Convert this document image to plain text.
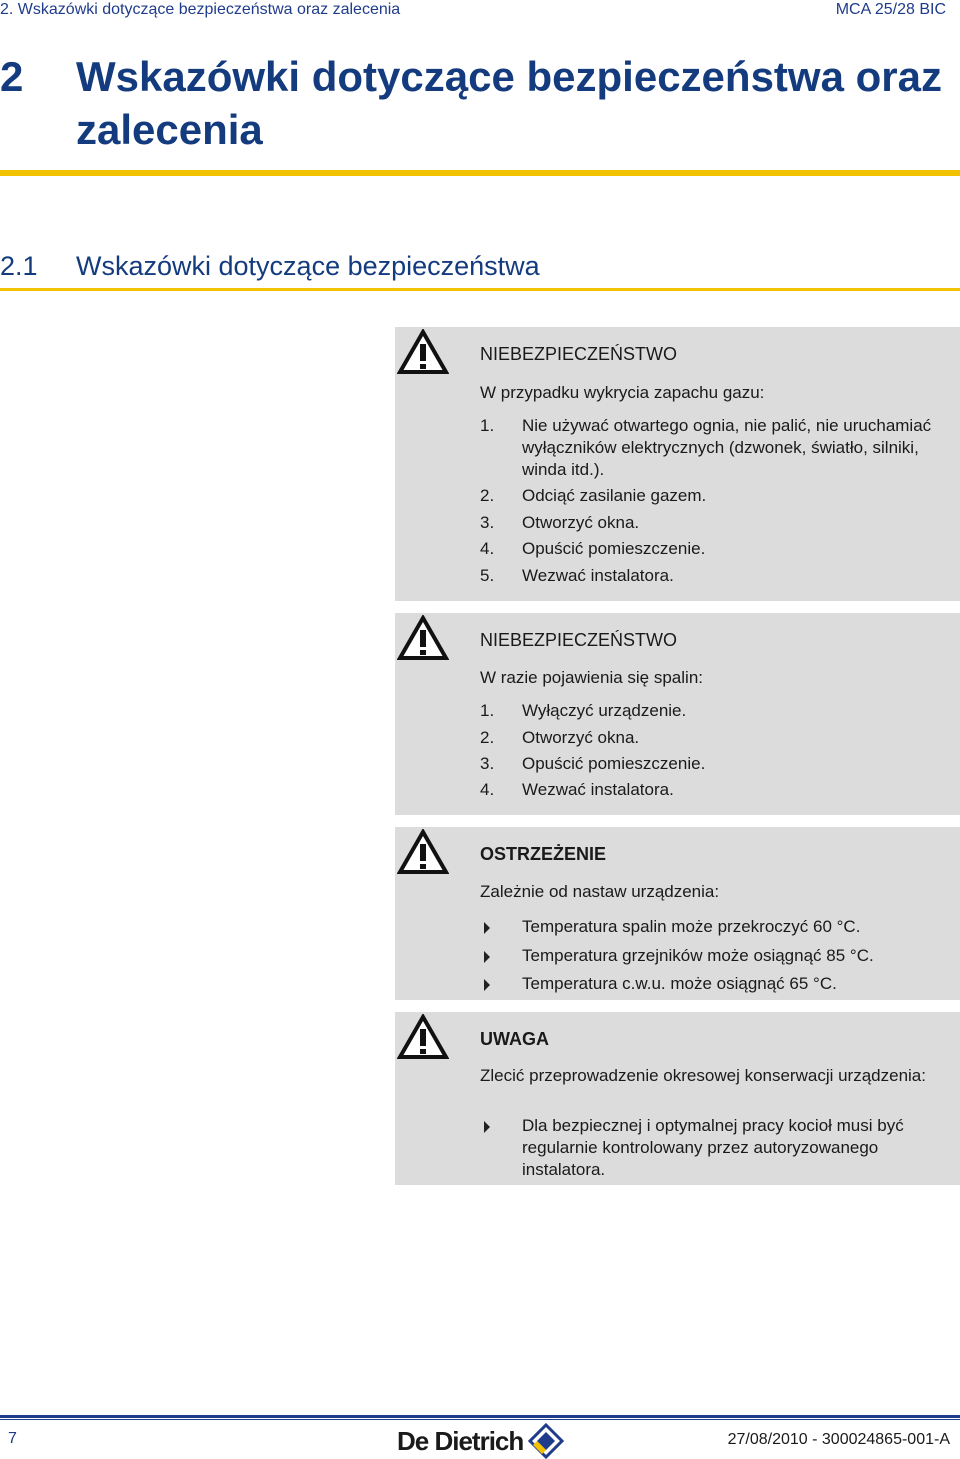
2. Wskazówki dotyczące bezpieczeństwa oraz zalecenia	MCA 25/28 BIC
2	Wskazówki dotyczące bezpieczeństwa oraz zalecenia
2.1 Wskazówki dotyczące bezpieczeństwa
NIEBEZPIECZEŃSTWO
W przypadku wykrycia zapachu gazu:
1. Nie używać otwartego ognia, nie palić, nie uruchamiać wyłączników elektrycznych (dzwonek, światło, silniki, winda itd.).
2. Odciąć zasilanie gazem.
3. Otworzyć okna.
4. Opuścić pomieszczenie.
5. Wezwać instalatora.
NIEBEZPIECZEŃSTWO
W razie pojawienia się spalin:
1. Wyłączyć urządzenie.
2. Otworzyć okna.
3. Opuścić pomieszczenie.
4. Wezwać instalatora.
OSTRZEŻENIE
Zależnie od nastaw urządzenia:
Temperatura spalin może przekroczyć 60 °C.
Temperatura grzejników może osiągnąć 85 °C.
Temperatura c.w.u. może osiągnąć 65 °C.
UWAGA
Zlecić przeprowadzenie okresowej konserwacji urządzenia:
Dla bezpiecznej i optymalnej pracy kocioł musi być regularnie kontrolowany przez autoryzowanego instalatora.
7	De Dietrich	27/08/2010 - 300024865-001-A
